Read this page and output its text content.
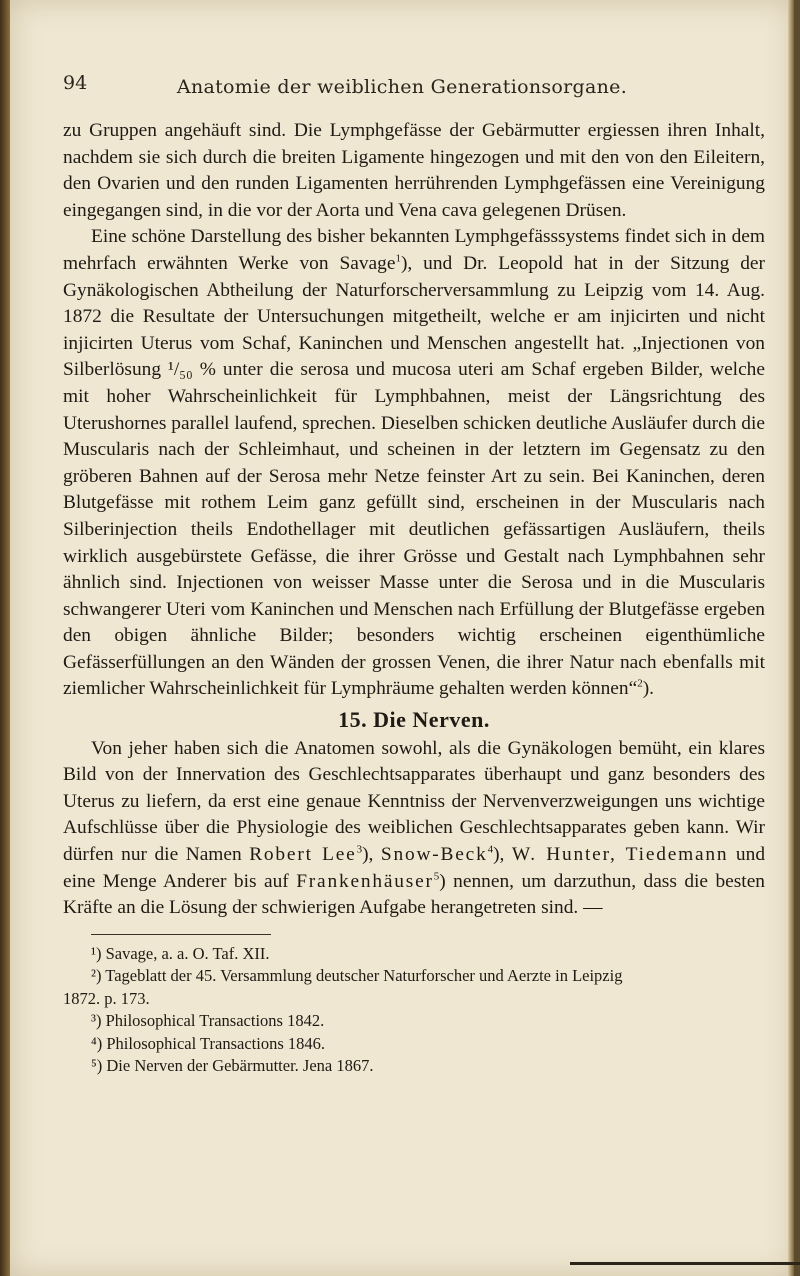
94	Anatomie der weiblichen Generationsorgane.

zu Gruppen angehäuft sind. Die Lymphgefässe der Gebärmutter ergiessen ihren Inhalt, nachdem sie sich durch die breiten Ligamente hingezogen und mit den von den Eileitern, den Ovarien und den runden Ligamenten herrührenden Lymphgefässen eine Vereinigung eingegangen sind, in die vor der Aorta und Vena cava gelegenen Drüsen.

Eine schöne Darstellung des bisher bekannten Lymphgefässsystems findet sich in dem mehrfach erwähnten Werke von Savage$^1$), und Dr. Leopold hat in der Sitzung der Gynäkologischen Abtheilung der Naturforscherversammlung zu Leipzig vom 14. Aug. 1872 die Resultate der Untersuchungen mitgetheilt, welche er am injicirten und nicht injicirten Uterus vom Schaf, Kaninchen und Menschen angestellt hat. „Injectionen von Silberlösung ¹/₅₀ % unter die serosa und mucosa uteri am Schaf ergeben Bilder, welche mit hoher Wahrscheinlichkeit für Lymphbahnen, meist der Längsrichtung des Uterushornes parallel laufend, sprechen. Dieselben schicken deutliche Ausläufer durch die Muscularis nach der Schleimhaut, und scheinen in der letztern im Gegensatz zu den gröberen Bahnen auf der Serosa mehr Netze feinster Art zu sein. Bei Kaninchen, deren Blutgefässe mit rothem Leim ganz gefüllt sind, erscheinen in der Muscularis nach Silberinjection theils Endothellager mit deutlichen gefässartigen Ausläufern, theils wirklich ausgebürstete Gefässe, die ihrer Grösse und Gestalt nach Lymphbahnen sehr ähnlich sind. Injectionen von weisser Masse unter die Serosa und in die Muscularis schwangerer Uteri vom Kaninchen und Menschen nach Erfüllung der Blutgefässe ergeben den obigen ähnliche Bilder; besonders wichtig erscheinen eigenthümliche Gefässerfüllungen an den Wänden der grossen Venen, die ihrer Natur nach ebenfalls mit ziemlicher Wahrscheinlichkeit für Lymphräume gehalten werden können“$^2$).

15. Die Nerven.

Von jeher haben sich die Anatomen sowohl, als die Gynäkologen bemüht, ein klares Bild von der Innervation des Geschlechtsapparates überhaupt und ganz besonders des Uterus zu liefern, da erst eine genaue Kenntniss der Nervenverzweigungen uns wichtige Aufschlüsse über die Physiologie des weiblichen Geschlechtsapparates geben kann. Wir dürfen nur die Namen Robert Lee$^3$), Snow-Beck$^4$), W. Hunter, Tiedemann und eine Menge Anderer bis auf Frankenhäuser$^5$) nennen, um darzuthun, dass die besten Kräfte an die Lösung der schwierigen Aufgabe herangetreten sind. —

¹) Savage, a. a. O. Taf. XII.

²) Tageblatt der 45. Versammlung deutscher Naturforscher und Aerzte in Leipzig

1872. p. 173.

³) Philosophical Transactions 1842.

⁴) Philosophical Transactions 1846.

⁵) Die Nerven der Gebärmutter. Jena 1867.
